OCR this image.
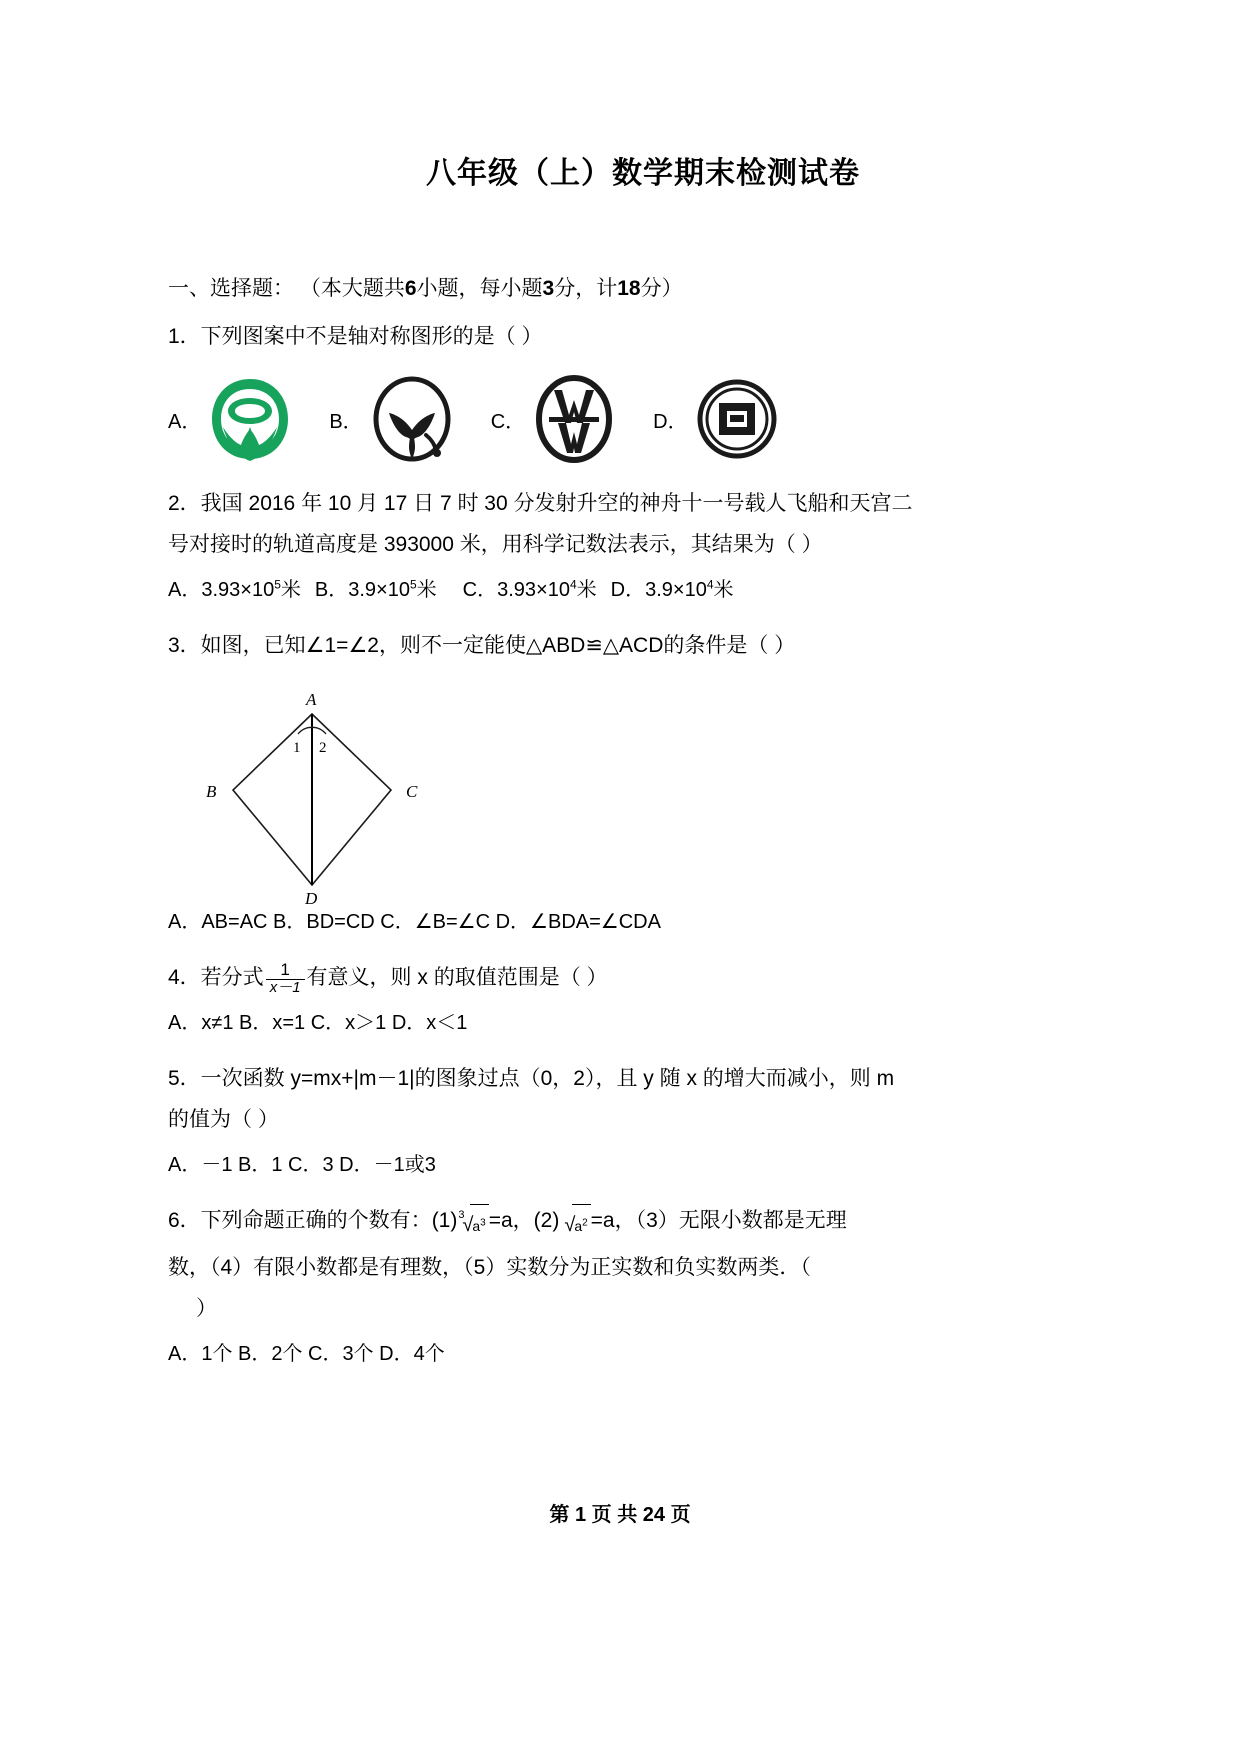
八年级（上）数学期末检测试卷
一、选择题： （本大题共6小题，每小题3分，计18分）
1．下列图案中不是轴对称图形的是（ ）
A．	B．	C．	D．
2．我国 2016 年 10 月 17 日 7 时 30 分发射升空的神舟十一号载人飞船和天宫二
号对接时的轨道高度是 393000 米，用科学记数法表示，其结果为（ ）
A．$3.93\times 10^5$米 B．$3.9\times 10^5$米 C．$3.93\times 10^4$米 D．$3.9\times 10^4$米
3．如图，已知∠1=∠2，则不一定能使△ABD≌△ACD的条件是（ ）
A
B	C
D
1 2
A．AB=AC B．BD=CD C．∠B=∠C D．∠BDA=∠CDA
4．若分式 $\frac{1}{x-1}$ 有意义，则 x 的取值范围是（ ）
A．x≠1 B．x=1 C．x＞1 D．x＜1
5．一次函数 y=mx+|m－1|的图象过点（0，2），且 y 随 x 的增大而减小，则 m
的值为（ ）
A．－1 B．1 C．3 D．－1或3
6．下列命题正确的个数有：(1) 3
$√a^3 =a$，(2) $√a^2 =a$，（3）无限小数都是无理
数，（4）有限小数都是有理数，（5）实数分为正实数和负实数两类．（
）
A．1个 B．2个 C．3个 D．4个
第 1 页 共 24 页
